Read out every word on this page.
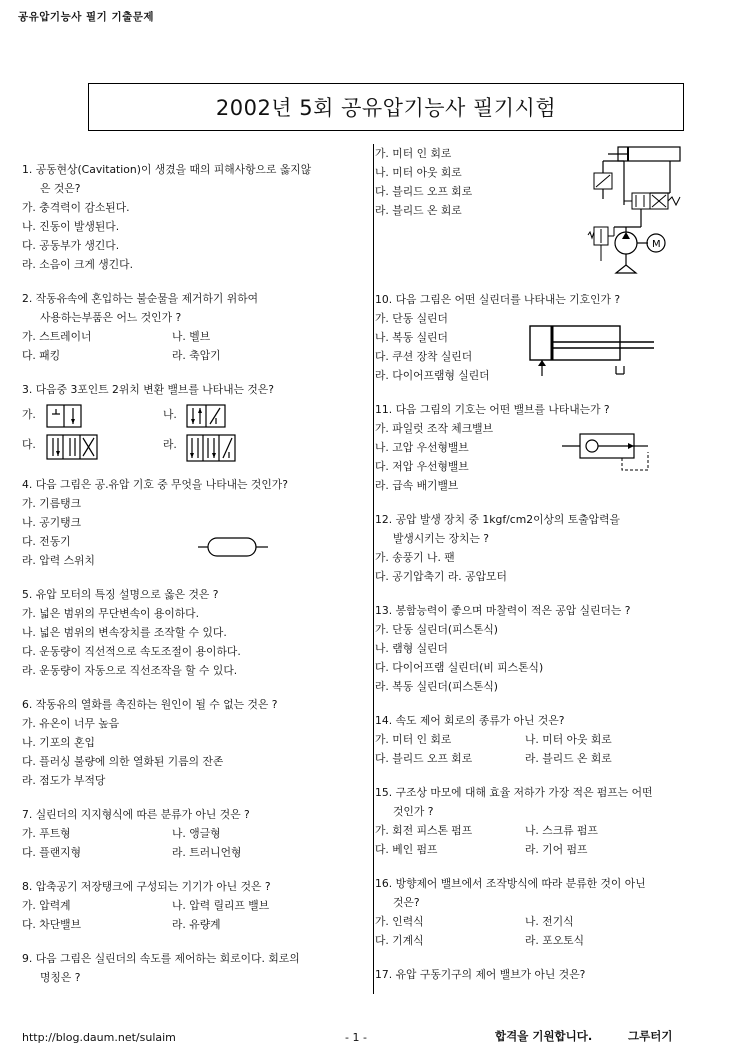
공유압기능사 필기 기출문제
2002년 5회 공유압기능사 필기시험

1. 공동현상(Cavitation)이 생겼을 때의 피해사항으로 옳지않

은 것은?

가. 충격력이 감소된다.

나. 진동이 발생된다.

다. 공동부가 생긴다.

라. 소음이 크게 생긴다.

2. 작동유속에 혼입하는 불순물을 제거하기 위하여

사용하는부품은 어느 것인가 ?

가. 스트레이너	나. 벨브
다. 패킹	라. 축압기

3. 다음중 3포인트 2위치 변환 밸브를 나타내는 것은?

4. 다음 그림은 공.유압 기호 중 무엇을 나타내는 것인가?

가. 기름탱크

나. 공기탱크

다. 전동기

라. 압력 스위치

5. 유압 모터의 특징 설명으로 옳은 것은 ?

가. 넓은 범위의 무단변속이 용이하다.

나. 넓은 범위의 변속장치를 조작할 수 있다.

다. 운동량이 직선적으로 속도조절이 용이하다.

라. 운동량이 자동으로 직선조작을 할 수 있다.

6. 작동유의 열화를 촉진하는 원인이 될 수 없는 것은 ?

가. 유온이 너무 높음

나. 기포의 혼입

다. 플러싱 불량에 의한 열화된 기름의 잔존

라. 점도가 부적당

7. 실린더의 지지형식에 따른 분류가 아닌 것은 ?

가. 푸트형	나. 앵글형
다. 플랜지형	라. 트러니언형

8. 압축공기 저장탱크에 구성되는 기기가 아닌 것은 ?

가. 압력계	나. 압력 릴리프 밸브
다. 차단밸브	라. 유량계

9. 다음 그림은 실린더의 속도를 제어하는 회로이다. 회로의

명칭은 ?

가.	나.
다.	라.

가. 미터 인 회로

나. 미터 아웃 회로

다. 블리드 오프 회로

라. 블리드 온 회로

10. 다음 그림은 어떤 실린더를 나타내는 기호인가 ?

가. 단동 실린더

나. 복동 실린더

다. 쿠션 장착 실린더

라. 다이어프램형 실린더

11. 다음 그림의 기호는 어떤 밸브를 나타내는가 ?

가. 파일럿 조작 체크밸브

나. 고압 우선형밸브

다. 저압 우선형밸브

라. 급속 배기밸브

12. 공압 발생 장치 중 1kgf/cm2이상의 토출압력을

발생시키는 장치는 ?

가. 송풍기 나. 팬

다. 공기압축기 라. 공압모터

13. 봉함능력이 좋으며 마찰력이 적은 공압 실린더는 ?

가. 단동 실린더(피스톤식)

나. 램형 실린더

다. 다이어프램 실린더(비 피스톤식)

라. 복동 실린더(피스톤식)

14. 속도 제어 회로의 종류가 아닌 것은?

가. 미터 인 회로	나. 미터 아웃 회로
다. 블리드 오프 회로	라. 블리드 온 회로

15. 구조상 마모에 대해 효율 저하가 가장 적은 펌프는 어떤

것인가 ?

가. 회전 피스톤 펌프	나. 스크류 펌프
다. 베인 펌프	라. 기어 펌프

16. 방향제어 밸브에서 조작방식에 따라 분류한 것이 아닌

것은?

가. 인력식	나. 전기식
다. 기계식	라. 포오토식

17. 유압 구동기구의 제어 밸브가 아닌 것은?

M
http://blog.daum.net/sulaim	- 1 -	합격을 기원합니다.	그루터기
